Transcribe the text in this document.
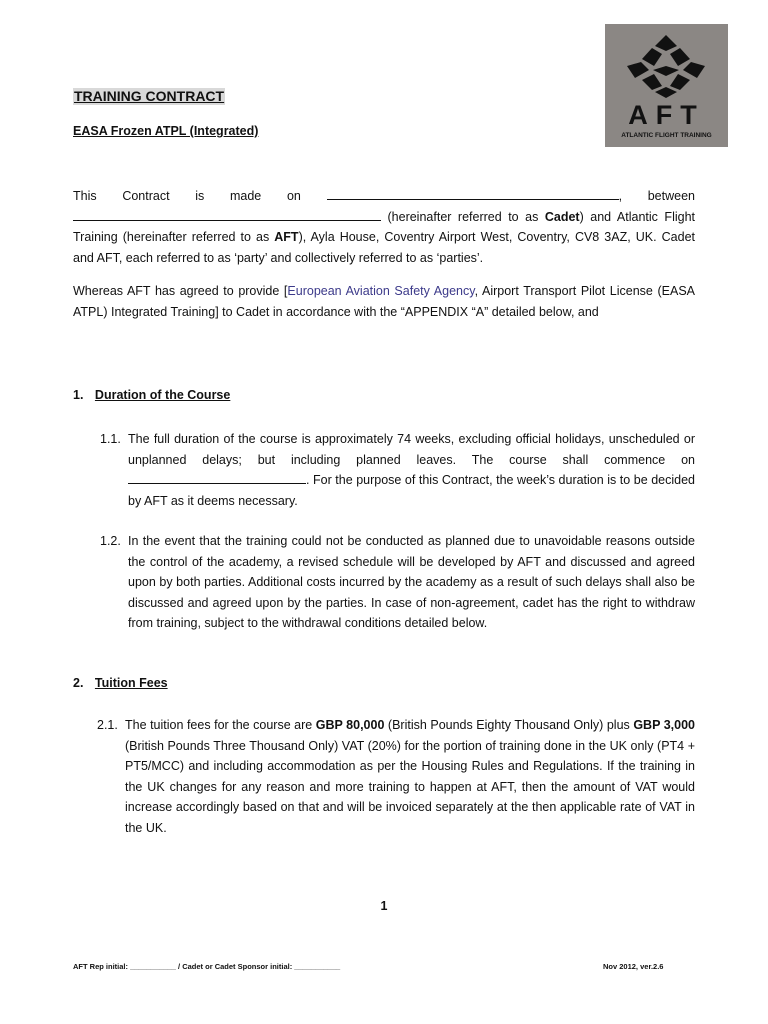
TRAINING CONTRACT
EASA Frozen ATPL (Integrated)
AFT
ATLANTIC FLIGHT TRAINING
This Contract is made on	, between  (hereinafter referred to as Cadet) and Atlantic Flight Training (hereinafter referred to as AFT), Ayla House, Coventry Airport West, Coventry, CV8 3AZ, UK. Cadet and AFT, each referred to as ‘party’ and collectively referred to as ‘parties’.
Whereas AFT has agreed to provide [European Aviation Safety Agency, Airport Transport Pilot License (EASA ATPL) Integrated Training] to Cadet in accordance with the “APPENDIX “A” detailed below, and
1. Duration of the Course
1.1. The full duration of the course is approximately 74 weeks, excluding official holidays, unscheduled or unplanned delays; but including planned leaves. The course shall commence on . For the purpose of this Contract, the week’s duration is to be decided by AFT as it deems necessary.
1.2. In the event that the training could not be conducted as planned due to unavoidable reasons outside the control of the academy, a revised schedule will be developed by AFT and discussed and agreed upon by both parties. Additional costs incurred by the academy as a result of such delays shall also be discussed and agreed upon by the parties. In case of non-agreement, cadet has the right to withdraw from training, subject to the withdrawal conditions detailed below.
2. Tuition Fees
2.1. The tuition fees for the course are GBP 80,000 (British Pounds Eighty Thousand Only) plus GBP 3,000 (British Pounds Three Thousand Only) VAT (20%) for the portion of training done in the UK only (PT4 + PT5/MCC) and including accommodation as per the Housing Rules and Regulations. If the training in the UK changes for any reason and more training to happen at AFT, then the amount of VAT would increase accordingly based on that and will be invoiced separately at the then applicable rate of VAT in the UK.
1
AFT Rep initial: ___________ / Cadet or Cadet Sponsor initial: ___________	Nov 2012, ver.2.6
